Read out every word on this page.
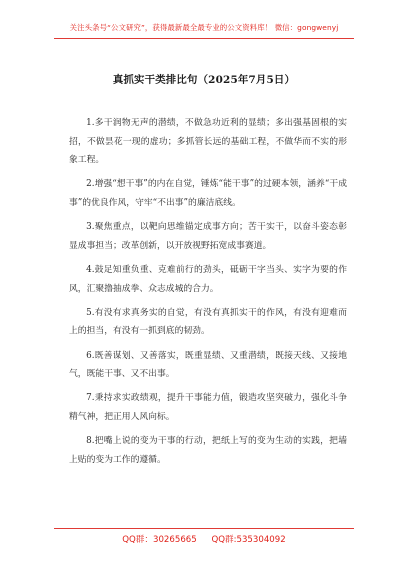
关注头条号“公文研究”，获得最新最全最专业的公文资料库！ 微信：gongwenyj
真抓实干类排比句（2025年7月5日）

1.多干润物无声的潜绩，不做急功近利的显绩；多出强基固根的实招，不做昙花一现的虚功；多抓管长远的基础工程，不做华而不实的形象工程。

2.增强“想干事”的内在自觉，锤炼“能干事”的过硬本领，涵养“干成事”的优良作风，守牢“不出事”的廉洁底线。

3.聚焦重点，以靶向思维锚定成事方向；苦干实干，以奋斗姿态彰显成事担当；改革创新，以开放视野拓宽成事赛道。

4.鼓足知重负重、克难前行的劲头，砥砺干字当头、实字为要的作风，汇聚撸抽成拳、众志成城的合力。

5.有没有求真务实的自觉，有没有真抓实干的作风，有没有迎难而上的担当，有没有一抓到底的韧劲。

6.既善谋划、又善落实，既重显绩、又重潜绩，既接天线、又接地气，既能干事、又不出事。

7.秉持求实政绩观，提升干事能力值，锻造攻坚突破力，强化斗争精气神，把正用人风向标。

8.把嘴上说的变为干事的行动，把纸上写的变为生动的实践，把墙上贴的变为工作的遵循。

QQ群：30265665 QQ群:535304092
